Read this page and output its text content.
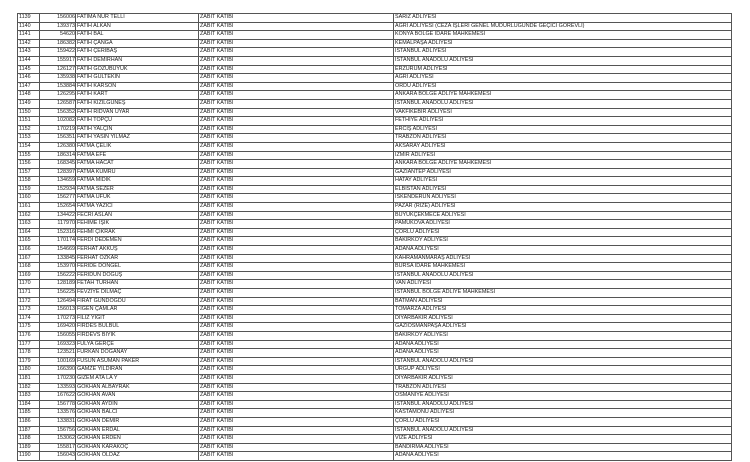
1139	156006	FATIMA NUR TELLİ	ZABIT KATİBİ	SARIZ ADLİYESİ
1140	139373	FATİH ALKAN	ZABIT KATİBİ	AĞRI ADLİYESİ (CEZA İŞLERİ GENEL MÜDÜRLÜĞÜNDE GEÇİCİ GÖREVLİ)
1141	54620	FATİH BAL	ZABIT KATİBİ	KONYA BÖLGE İDARE MAHKEMESİ
1142	186382	FATİH ÇANGA	ZABIT KATİBİ	KEMALPAŞA ADLİYESİ
1143	159422	FATİH ÇERİBAŞ	ZABIT KATİBİ	İSTANBUL ADLİYESİ
1144	155917	FATİH DEMİRHAN	ZABIT KATİBİ	İSTANBUL ANADOLU ADLİYESİ
1145	126127	FATİH GÖZÜBÜYÜK	ZABIT KATİBİ	ERZURUM ADLİYESİ
1146	135938	FATİH GÜLTEKİN	ZABIT KATİBİ	AĞRI ADLİYESİ
1147	153884	FATİH KARSON	ZABIT KATİBİ	ORDU ADLİYESİ
1148	126295	FATİH KART	ZABIT KATİBİ	ANKARA BÖLGE ADLİYE MAHKEMESİ
1149	126587	FATİH KIZILGÜNEŞ	ZABIT KATİBİ	İSTANBUL ANADOLU ADLİYESİ
1150	156352	FATİH RIDVAN UYAR	ZABIT KATİBİ	VAKFIKEBİR ADLİYESİ
1151	102082	FATİH TOPÇU	ZABIT KATİBİ	FETHİYE ADLİYESİ
1152	170219	FATİH YALÇIN	ZABIT KATİBİ	ERCİŞ ADLİYESİ
1153	156351	FATİH YASİN YILMAZ	ZABIT KATİBİ	TRABZON ADLİYESİ
1154	126380	FATMA ÇELİK	ZABIT KATİBİ	AKSARAY ADLİYESİ
1155	186314	FATMA EFE	ZABIT KATİBİ	İZMİR ADLİYESİ
1156	168345	FATMA HACAT	ZABIT KATİBİ	ANKARA BÖLGE ADLİYE MAHKEMESİ
1157	128397	FATMA KUMRU	ZABIT KATİBİ	GAZİANTEP ADLİYESİ
1158	134659	FATMA MİDİK	ZABIT KATİBİ	HATAY ADLİYESİ
1159	152934	FATMA SEZER	ZABIT KATİBİ	ELBİSTAN ADLİYESİ
1160	156277	FATMA UFUK	ZABIT KATİBİ	İSKENDERUN ADLİYESİ
1161	152654	FATMA YAZICI	ZABIT KATİBİ	PAZAR (RİZE) ADLİYESİ
1162	134422	FECRİ ASLAN	ZABIT KATİBİ	BÜYÜKÇEKMECE ADLİYESİ
1163	117970	FEHİME IŞIK	ZABIT KATİBİ	PAMUKOVA ADLİYESİ
1164	152316	FEHMİ ÇIKRAK	ZABIT KATİBİ	ÇORLU ADLİYESİ
1165	170174	FERDİ DEDEMEN	ZABIT KATİBİ	BAKIRKÖY ADLİYESİ
1166	154669	FERHAT AKKUŞ	ZABIT KATİBİ	ADANA ADLİYESİ
1167	133845	FERHAT ÖZKAR	ZABIT KATİBİ	KAHRAMANMARAŞ ADLİYESİ
1168	153970	FERİDE DÖNGEL	ZABIT KATİBİ	BURSA İDARE MAHKEMESİ
1169	156222	FERİDUN DOĞUŞ	ZABIT KATİBİ	İSTANBUL ANADOLU ADLİYESİ
1170	128189	FETAH TURHAN	ZABIT KATİBİ	VAN ADLİYESİ
1171	156225	FEVZİYE DİLMAÇ	ZABIT KATİBİ	İSTANBUL BÖLGE ADLİYE MAHKEMESİ
1172	126494	FIRAT GÜNDOĞDU	ZABIT KATİBİ	BATMAN ADLİYESİ
1173	156013	FİGEN ÇAMLAR	ZABIT KATİBİ	TOMARZA ADLİYESİ
1174	170273	FİLİZ YİĞİT	ZABIT KATİBİ	DİYARBAKIR ADLİYESİ
1175	169420	FİRDES BÜLBÜL	ZABIT KATİBİ	GAZİOSMANPAŞA ADLİYESİ
1176	156055	FİRDEVS BIYIK	ZABIT KATİBİ	BAKIRKÖY ADLİYESİ
1177	169323	FULYA GERÇE	ZABIT KATİBİ	ADANA ADLİYESİ
1178	123521	FURKAN DOĞANAY	ZABIT KATİBİ	ADANA ADLİYESİ
1179	100169	FÜSUN ASUMAN PAKER	ZABIT KATİBİ	İSTANBUL ANADOLU ADLİYESİ
1180	166390	GAMZE YILDIRAN	ZABIT KATİBİ	ÜRGÜP ADLİYESİ
1181	170230	GIZEM ATA LA Y	ZABIT KATİBİ	DİYARBAKIR ADLİYESİ
1182	133593	GÖKHAN ALBAYRAK	ZABIT KATİBİ	TRABZON ADLİYESİ
1183	167622	GÖKHAN AVAN	ZABIT KATİBİ	OSMANİYE ADLİYESİ
1184	156778	GÖKHAN AYDIN	ZABIT KATİBİ	İSTANBUL ANADOLU ADLİYESİ
1185	133576	GÖKHAN BALCI	ZABIT KATİBİ	KASTAMONU ADLİYESİ
1186	133831	GÖKHAN DEMİR	ZABIT KATİBİ	ÇORLU ADLİYESİ
1187	156756	GÖKHAN ERDAL	ZABIT KATİBİ	İSTANBUL ANADOLU ADLİYESİ
1188	153062	GÖKHAN ERDEN	ZABIT KATİBİ	VİZE ADLİYESİ
1189	155817	GÖKHAN KARAKOÇ	ZABIT KATİBİ	BANDIRMA ADLİYESİ
1190	156043	GÖKHAN OLDAZ	ZABIT KATİBİ	ADANA ADLİYESİ
